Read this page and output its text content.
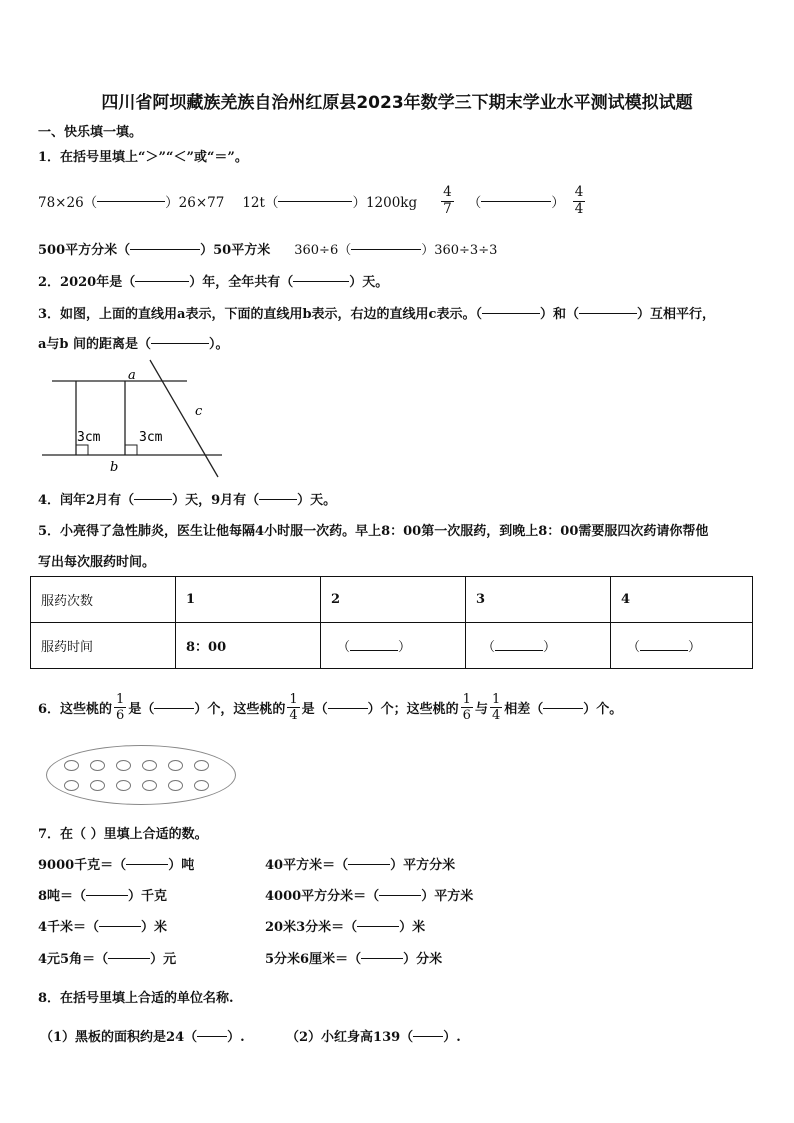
四川省阿坝藏族羌族自治州红原县2023年数学三下期末学业水平测试模拟试题
一、快乐填一填。
1．在括号里填上“＞”“＜”或“＝”。
78×26（	）26×77 12t（	）$1200kg \frac{4}{7}$ （	） $\frac{4}{4}$
500平方分米（	）50平方米 360÷6（	）360÷3÷3
2．2020年是（	）年，全年共有（	）天。
3．如图，上面的直线用a表示，下面的直线用b表示，右边的直线用c表示。（	）和（	）互相平行，
a与b 间的距离是（	）。
a
b
c
3cm	3cm
4．闰年2月有（	）天，9月有（	）天。
5．小亮得了急性肺炎，医生让他每隔4小时服一次药。早上8：00第一次服药，到晚上8：00需要服四次药请你帮他
写出每次服药时间。
服药次数	1	2	3	4
服药时间	8：00	（ ）	（ ）	（ ）
6．这些桃的 $\frac{1}{6}$ 是（	）个，这些桃的 $\frac{1}{4}$ 是（	）个；这些桃的 $\frac{1}{6}$ 与 $\frac{1}{4}$ 相差（	）个。
7．在（ ）里填上合适的数。
9000千克＝（	）吨
8吨＝（	）千克
4千米＝（	）米
4元5角＝（	）元
40平方米＝（	）平方分米
4000平方分米＝（	）平方米
20米3分米＝（	）米
5分米6厘米＝（	）分米
8．在括号里填上合适的单位名称.
（1）黑板的面积约是24（ ）.	（2）小红身高139（ ）.
